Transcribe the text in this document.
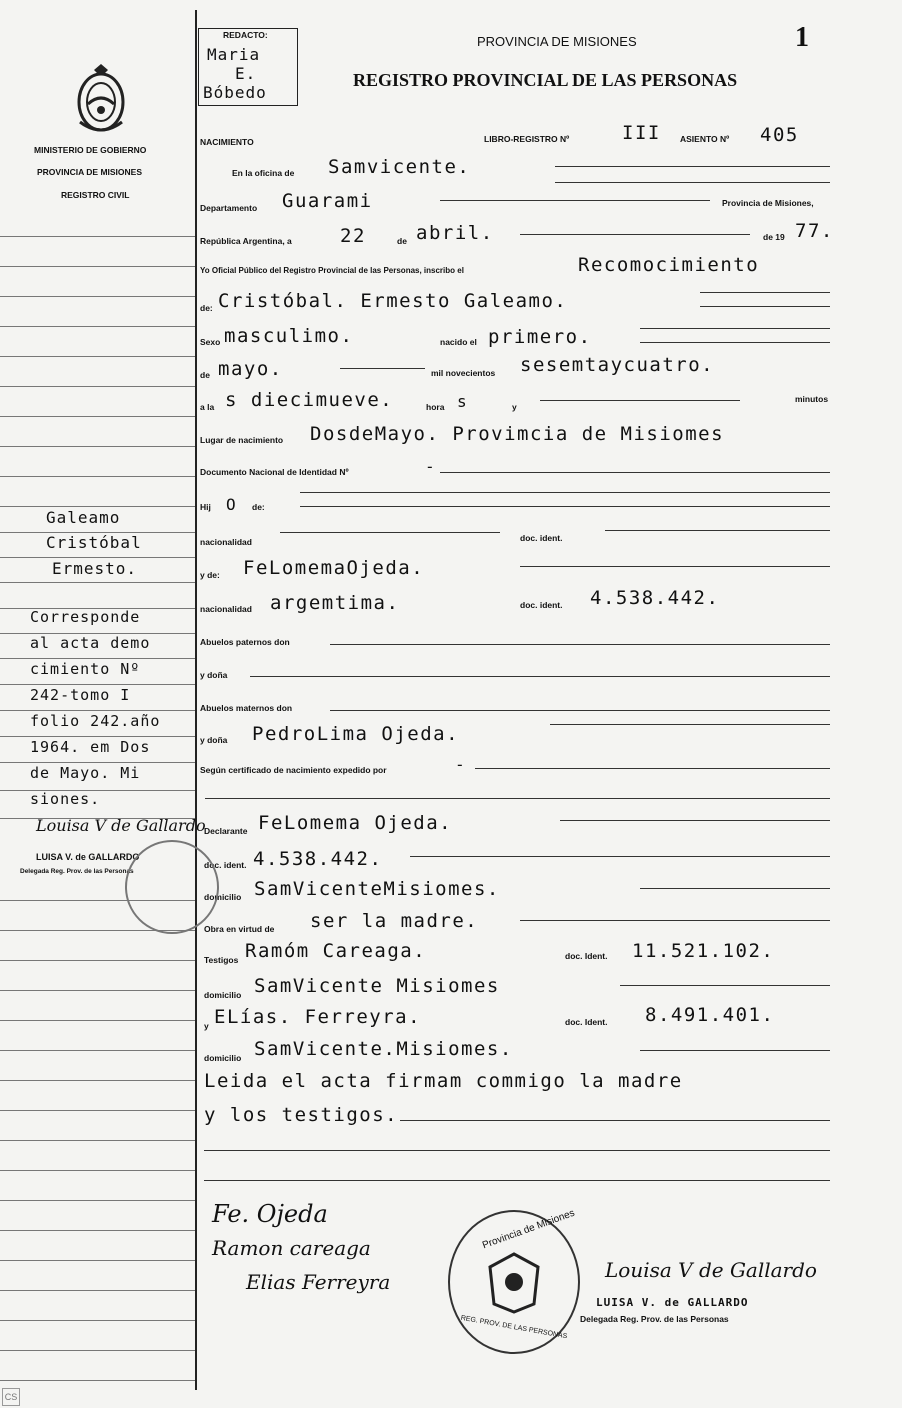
MINISTERIO DE GOBIERNO
PROVINCIA DE MISIONES
REGISTRO CIVIL
REDACTO:
Maria
E.
Bóbedo
PROVINCIA DE MISIONES
REGISTRO PROVINCIAL DE LAS PERSONAS
1
NACIMIENTO	LIBRO-REGISTRO Nº	III ASIENTO Nº 405
En la oficina de Samvicente.
Departamento Guarami	Provincia de Misiones,
República Argentina, a	22	de abril.	de 19 77.
Yo Oficial Público del Registro Provincial de las Personas, inscribo el	Recomocimiento
de: Cristóbal. Ermesto Galeamo.
Sexo masculimo.	nacido el primero.
de mayo.	mil novecientos sesemtaycuatro.
a la s diecimueve.	hora s	y
minutos
Lugar de nacimiento DosdeMayo. Provimcia de Misiomes
Documento Nacional de Identidad Nº	-
Hij O de:
nacionalidad	doc. ident.
y de: FeLomemaOjeda.
nacionalidad argemtima.	doc. ident. 4.538.442.
Abuelos paternos don
y doña
Abuelos maternos don
y doña PedroLima Ojeda.
Según certificado de nacimiento expedido por	-
Declarante FeLomema Ojeda.
doc. ident. 4.538.442.
domicilio SamVicenteMisiomes.
Obra en virtud de ser la madre.
Testigos Ramóm Careaga.	doc. Ident. 11.521.102.
domicilio SamVicente Misiomes
y ELías. Ferreyra.	doc. Ident. 8.491.401.
domicilio SamVicente.Misiomes.
Leida el acta firmam commigo la madre
y los testigos.
Galeamo
Cristóbal
Ermesto.
Corresponde
al acta demo
cimiento Nº
242-tomo I
folio 242.año
1964. em Dos
de Mayo. Mi
siones.
Louisa V de Gallardo
LUISA V. de GALLARDO
Delegada Reg. Prov. de las Personas
Fe. Ojeda
Ramon careaga
Elias Ferreyra
Provincia de Misiones
REG. PROV. DE LAS PERSONAS
Louisa V de Gallardo
LUISA V. de GALLARDO
Delegada Reg. Prov. de las Personas
CS
